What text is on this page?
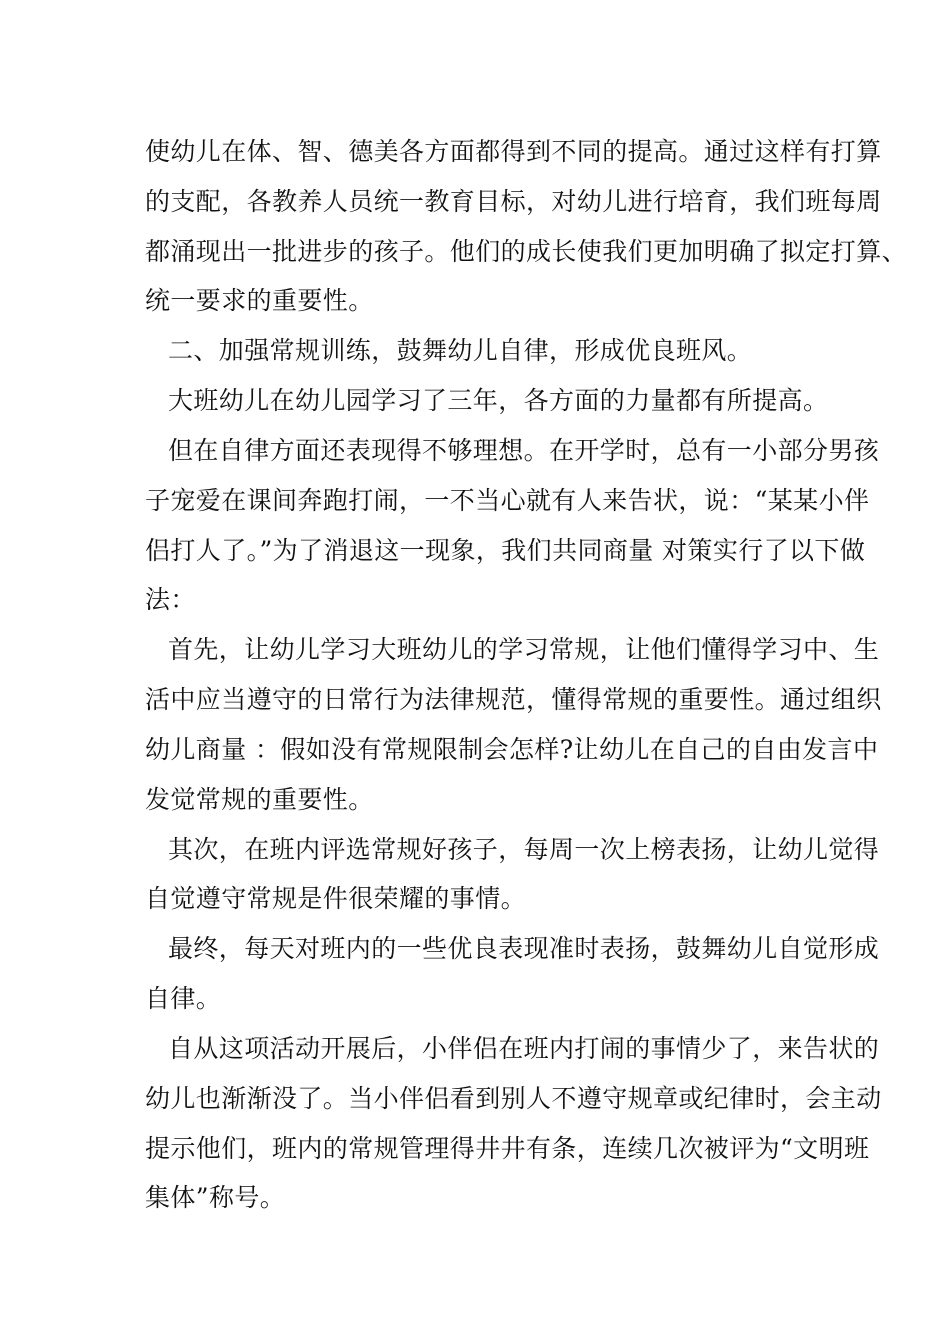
使幼儿在体、智、德美各方面都得到不同的提高。通过这样有打算
的支配，各教养人员统一教育目标，对幼儿进行培育，我们班每周
都涌现出一批进步的孩子。他们的成长使我们更加明确了拟定打算、
统一要求的重要性。
二、加强常规训练，鼓舞幼儿自律，形成优良班风。
大班幼儿在幼儿园学习了三年，各方面的力量都有所提高。
但在自律方面还表现得不够理想。在开学时，总有一小部分男孩
子宠爱在课间奔跑打闹，一不当心就有人来告状，说：“某某小伴
侣打人了。”为了消退这一现象，我们共同商量 对策实行了以下做
法：
首先，让幼儿学习大班幼儿的学习常规，让他们懂得学习中、生
活中应当遵守的日常行为法律规范，懂得常规的重要性。通过组织
幼儿商量 ：假如没有常规限制会怎样?让幼儿在自己的自由发言中
发觉常规的重要性。
其次，在班内评选常规好孩子，每周一次上榜表扬，让幼儿觉得
自觉遵守常规是件很荣耀的事情。
最终，每天对班内的一些优良表现准时表扬，鼓舞幼儿自觉形成
自律。
自从这项活动开展后，小伴侣在班内打闹的事情少了，来告状的
幼儿也渐渐没了。当小伴侣看到别人不遵守规章或纪律时，会主动
提示他们，班内的常规管理得井井有条，连续几次被评为“文明班
集体”称号。
